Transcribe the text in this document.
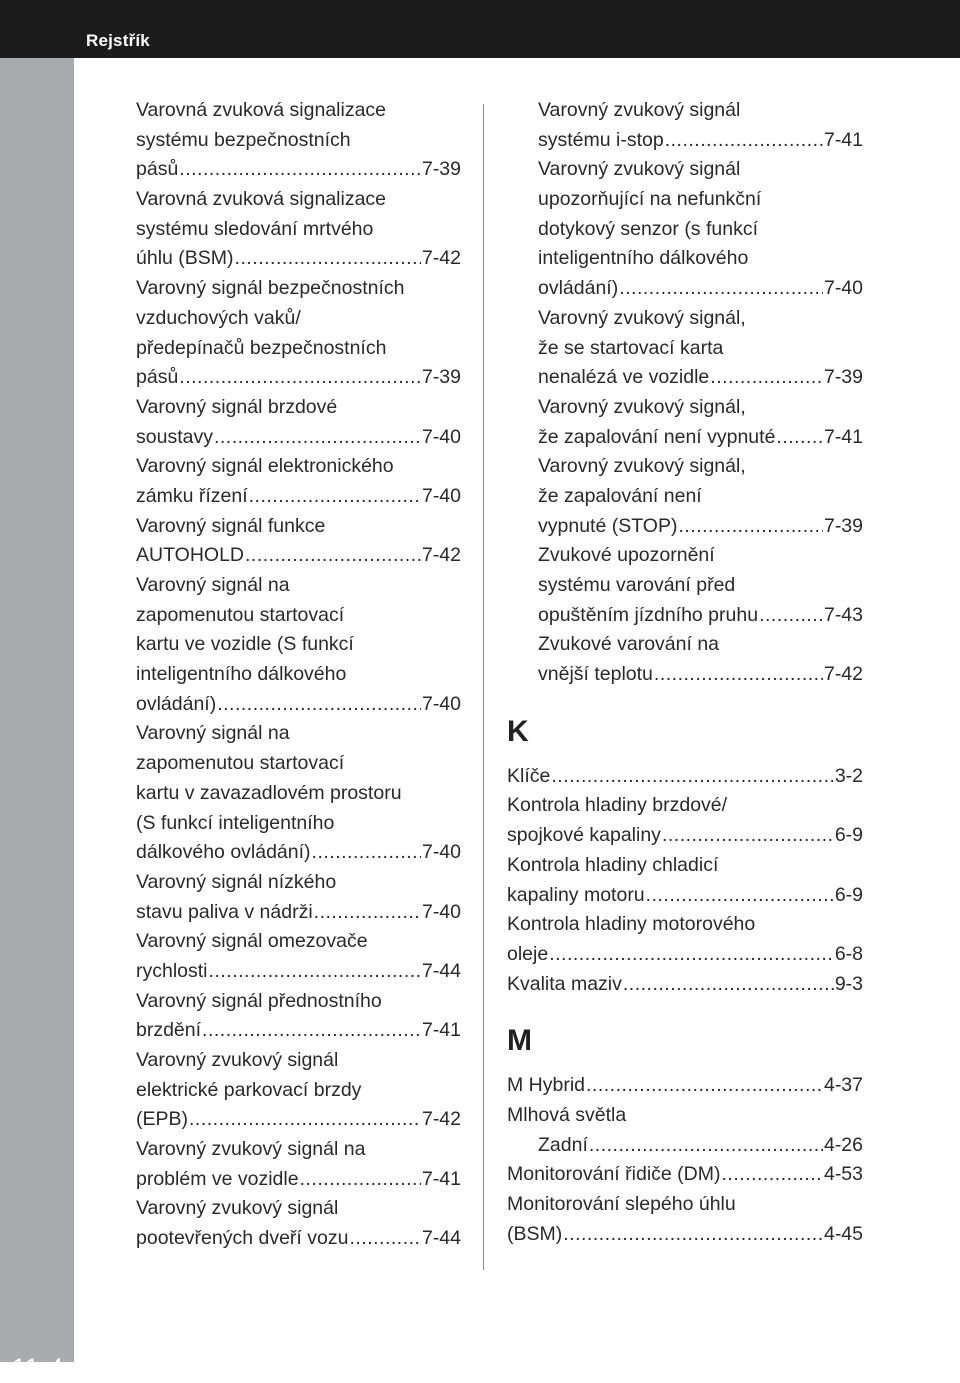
Rejstřík
11-4
Varovná zvuková signalizace
systému bezpečnostních
pásů .....	7-39
Varovná zvuková signalizace
systému sledování mrtvého
úhlu (BSM) .....	7-42
Varovný signál bezpečnostních
vzduchových vaků/
předepínačů bezpečnostních
pásů .....	7-39
Varovný signál brzdové
soustavy .....	7-40
Varovný signál elektronického
zámku řízení .....	7-40
Varovný signál funkce
AUTOHOLD .....	7-42
Varovný signál na
zapomenutou startovací
kartu ve vozidle (S funkcí
inteligentního dálkového
ovládání) .....	7-40
Varovný signál na
zapomenutou startovací
kartu v zavazadlovém prostoru
(S funkcí inteligentního
dálkového ovládání) .....	7-40
Varovný signál nízkého
stavu paliva v nádrži .....	7-40
Varovný signál omezovače
rychlosti .....	7-44
Varovný signál přednostního
brzdění .....	7-41
Varovný zvukový signál
elektrické parkovací brzdy
(EPB) .....	7-42
Varovný zvukový signál na
problém ve vozidle .....	7-41
Varovný zvukový signál
pootevřených dveří vozu .....	7-44
Varovný zvukový signál
systému i-stop .....	7-41
Varovný zvukový signál
upozorňující na nefunkční
dotykový senzor (s funkcí
inteligentního dálkového
ovládání) .....	7-40
Varovný zvukový signál,
že se startovací karta
nenalézá ve vozidle .....	7-39
Varovný zvukový signál,
že zapalování není vypnuté ..... 7-41
Varovný zvukový signál,
že zapalování není
vypnuté (STOP) .....	7-39
Zvukové upozornění
systému varování před
opuštěním jízdního pruhu .....	7-43
Zvukové varování na
vnější teplotu .....	7-42
K
Klíče .....	3-2
Kontrola hladiny brzdové/
spojkové kapaliny .....	6-9
Kontrola hladiny chladicí
kapaliny motoru .....	6-9
Kontrola hladiny motorového
oleje .....	6-8
Kvalita maziv .....	9-3
M
M Hybrid .....	4-37
Mlhová světla
Zadní .....	4-26
Monitorování řidiče (DM) .....	4-53
Monitorování slepého úhlu
(BSM) .....	4-45
